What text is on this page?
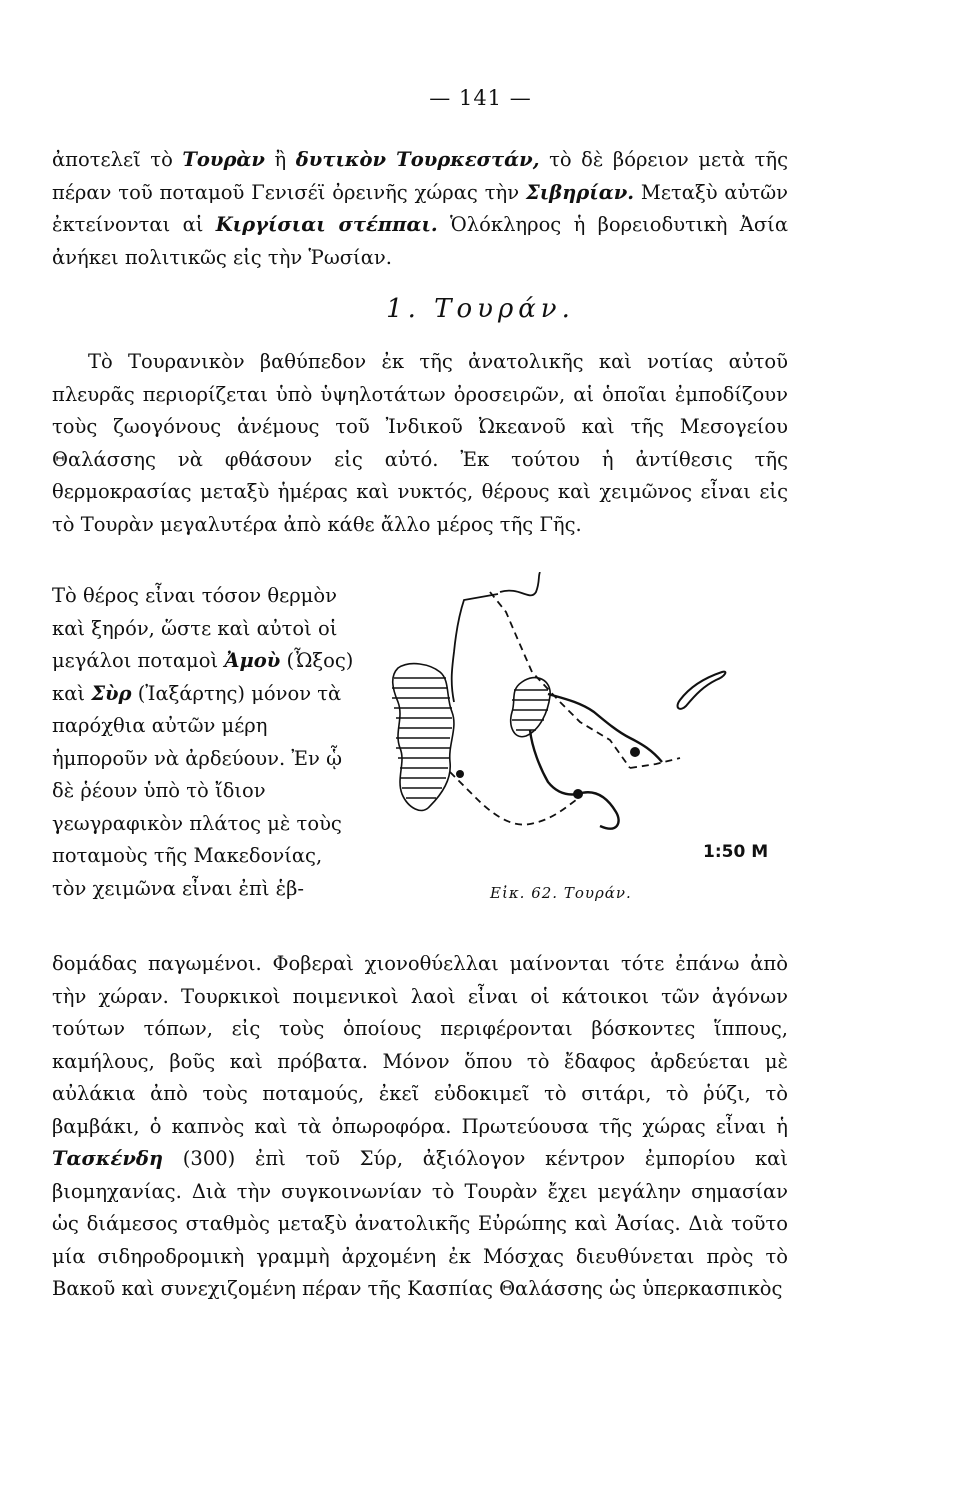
— 141 —
ἀποτελεῖ τὸ Τουρὰν ἢ δυτικὸν Τουρκεστάν, τὸ δὲ βόρειον μετὰ τῆς πέραν τοῦ ποταμοῦ Γενισέϊ ὀρεινῆς χώρας τὴν Σιβηρίαν. Μεταξὺ αὐτῶν ἐκτείνονται αἱ Κιργίσιαι στέππαι. Ὁλόκληρος ἡ βορειοδυτικὴ Ἀσία ἀνήκει πολιτικῶς εἰς τὴν Ῥωσίαν.
1. Τουράν.
Τὸ Τουρανικὸν βαθύπεδον ἐκ τῆς ἀνατολικῆς καὶ νοτίας αὐτοῦ πλευρᾶς περιορίζεται ὑπὸ ὑψηλοτάτων ὀροσειρῶν, αἱ ὁποῖαι ἐμποδίζουν τοὺς ζωογόνους ἀνέμους τοῦ Ἰνδικοῦ Ὠκεανοῦ καὶ τῆς Μεσογείου Θαλάσσης νὰ φθάσουν εἰς αὐτό. Ἐκ τούτου ἡ ἀντίθεσις τῆς θερμοκρασίας μεταξὺ ἡμέρας καὶ νυκτός, θέρους καὶ χειμῶνος εἶναι εἰς τὸ Τουρὰν μεγαλυτέρα ἀπὸ κάθε ἄλλο μέρος τῆς Γῆς.
Τὸ θέρος εἶναι τόσον θερμὸν καὶ ξηρόν, ὥστε καὶ αὐτοὶ οἱ μεγάλοι ποταμοὶ Ἀμοὺ (Ὦξος) καὶ Σὺρ (Ἰαξάρτης) μόνον τὰ παρόχθια αὐτῶν μέρη ἠμποροῦν νὰ ἀρδεύουν. Ἐν ᾧ δὲ ῥέουν ὑπὸ τὸ ἴδιον γεωγραφικὸν πλάτος μὲ τοὺς ποταμοὺς τῆς Μακεδονίας, τὸν χειμῶνα εἶναι ἐπὶ ἑβ-
1:50 M
Εἰκ. 62. Τουράν.
δομάδας παγωμένοι. Φοβεραὶ χιονοθύελλαι μαίνονται τότε ἐπάνω ἀπὸ τὴν χώραν. Τουρκικοὶ ποιμενικοὶ λαοὶ εἶναι οἱ κάτοικοι τῶν ἀγόνων τούτων τόπων, εἰς τοὺς ὁποίους περιφέρονται βόσκοντες ἵππους, καμήλους, βοῦς καὶ πρόβατα. Μόνον ὅπου τὸ ἔδαφος ἀρδεύεται μὲ αὐλάκια ἀπὸ τοὺς ποταμούς, ἐκεῖ εὐδοκιμεῖ τὸ σιτάρι, τὸ ῥύζι, τὸ βαμβάκι, ὁ καπνὸς καὶ τὰ ὀπωροφόρα. Πρωτεύουσα τῆς χώρας εἶναι ἡ Τασκένδη (300) ἐπὶ τοῦ Σύρ, ἀξιόλογον κέντρον ἐμπορίου καὶ βιομηχανίας. Διὰ τὴν συγκοινωνίαν τὸ Τουρὰν ἔχει μεγάλην σημασίαν ὡς διάμεσος σταθμὸς μεταξὺ ἀνατολικῆς Εὐρώπης καὶ Ἀσίας. Διὰ τοῦτο μία σιδηροδρομικὴ γραμμὴ ἀρχομένη ἐκ Μόσχας διευθύνεται πρὸς τὸ Βακοῦ καὶ συνεχιζομένη πέραν τῆς Κασπίας Θαλάσσης ὡς ὑπερκασπικὸς
